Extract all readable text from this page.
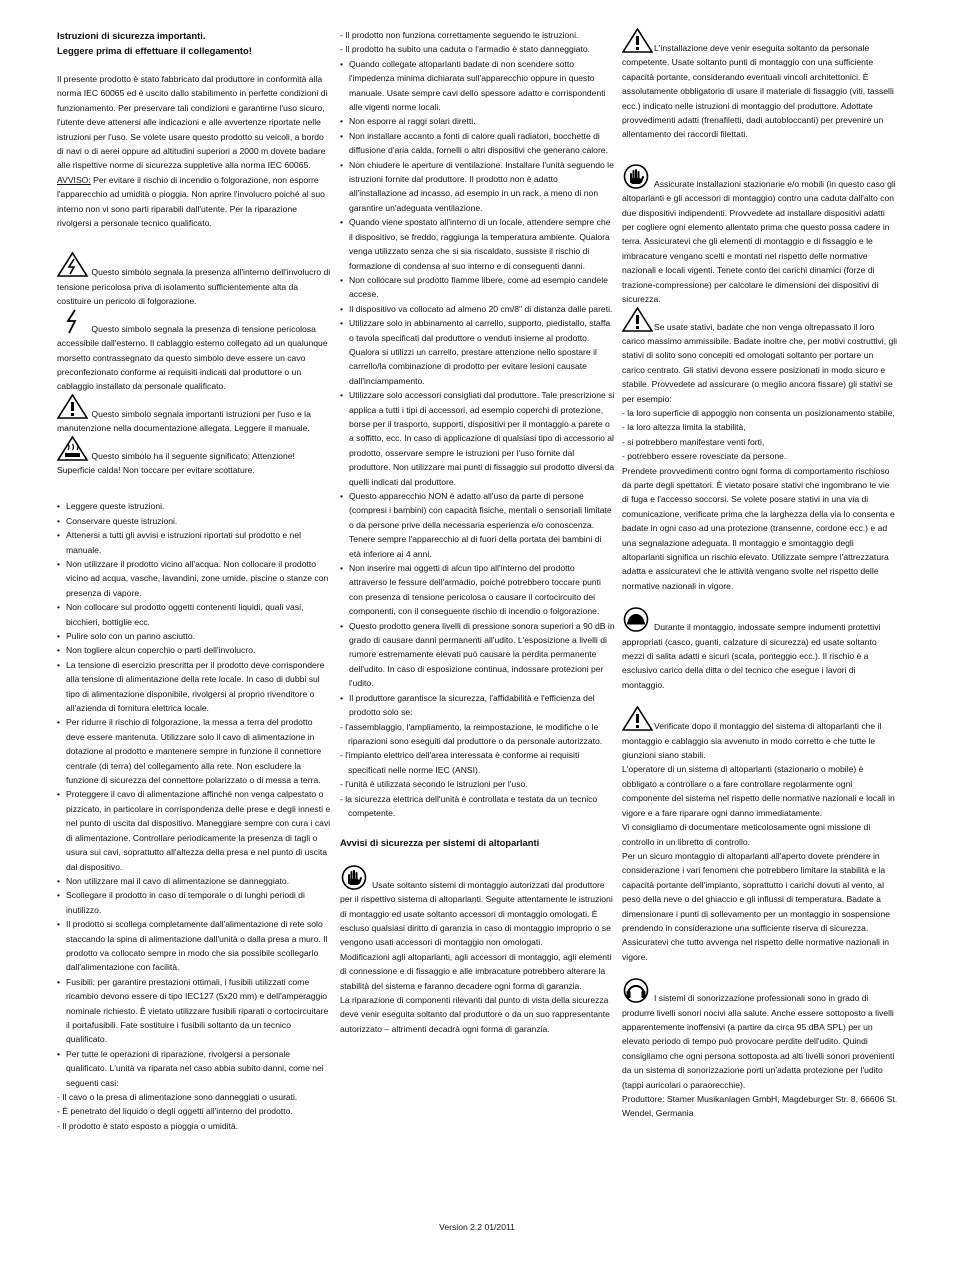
Istruzioni di sicurezza importanti.

Leggere prima di effettuare il collegamento!

Il presente prodotto è stato fabbricato dal produttore in conformità alla norma IEC 60065 ed è uscito dallo stabilimento in perfette condizioni di funzionamento. Per preservare tali condizioni e garantirne l'uso sicuro, l'utente deve attenersi alle indicazioni e alle avvertenze riportate nelle istruzioni per l'uso. Se volete usare questo prodotto su veicoli, a bordo di navi o di aerei oppure ad altitudini superiori a 2000 m dovete badare alle rispettive norme di sicurezza suppletive alla norma IEC 60065.

AVVISO: Per evitare il rischio di incendio o folgorazione, non esporre l'apparecchio ad umidità o pioggia. Non aprire l'involucro poiché al suo interno non vi sono parti riparabili dall'utente. Per la riparazione rivolgersi a personale tecnico qualificato.

Questo simbolo segnala la presenza all'interno dell'involucro di tensione pericolosa priva di isolamento sufficientemente alta da costituire un pericolo di folgorazione.

Questo simbolo segnala la presenza di tensione pericolosa accessibile dall'esterno. Il cablaggio esterno collegato ad un qualunque morsetto contrassegnato da questo simbolo deve essere un cavo preconfezionato conforme ai requisiti indicati dal produttore o un cablaggio installato da personale qualificato.

Questo simbolo segnala importanti istruzioni per l'uso e la manutenzione nella documentazione allegata. Leggere il manuale.

Questo simbolo ha il seguente significato: Attenzione! Superficie calda! Non toccare per evitare scottature.

• Leggere queste istruzioni.
• Conservare queste istruzioni.
• Attenersi a tutti gli avvisi e istruzioni riportati sul prodotto e nel manuale.
• Non utilizzare il prodotto vicino all'acqua. Non collocare il prodotto vicino ad acqua, vasche, lavandini, zone umide, piscine o stanze con presenza di vapore.
• Non collocare sul prodotto oggetti contenenti liquidi, quali vasi, bicchieri, bottiglie ecc.
• Pulire solo con un panno asciutto.
• Non togliere alcun coperchio o parti dell'involucro.
• La tensione di esercizio prescritta per il prodotto deve corrispondere alla tensione di alimentazione della rete locale. In caso di dubbi sul tipo di alimentazione disponibile, rivolgersi al proprio rivenditore o all'azienda di fornitura elettrica locale.
• Per ridurre il rischio di folgorazione, la messa a terra del prodotto deve essere mantenuta. Utilizzare solo il cavo di alimentazione in dotazione al prodotto e mantenere sempre in funzione il connettore centrale (di terra) del collegamento alla rete. Non escludere la funzione di sicurezza del connettore polarizzato o di messa a terra.
• Proteggere il cavo di alimentazione affinché non venga calpestato o pizzicato, in particolare in corrispondenza delle prese e degli innesti e nel punto di uscita dal dispositivo. Maneggiare sempre con cura i cavi di alimentazione. Controllare periodicamente la presenza di tagli o usura sui cavi, soprattutto all'altezza della presa e nel punto di uscita dal dispositivo.
• Non utilizzare mai il cavo di alimentazione se danneggiato.
• Scollegare il prodotto in caso di temporale o di lunghi periodi di inutilizzo.
• Il prodotto si scollega completamente dall'alimentazione di rete solo staccando la spina di alimentazione dall'unità o dalla presa a muro. Il prodotto va collocato sempre in modo che sia possibile scollegarlo dall'alimentazione con facilità.
• Fusibili: per garantire prestazioni ottimali, i fusibili utilizzati come ricambio devono essere di tipo IEC127 (5x20 mm) e dell'amperaggio nominale richiesto. È vietato utilizzare fusibili riparati o cortocircuitare il portafusibili. Fate sostituire i fusibili soltanto da un tecnico qualificato.
• Per tutte le operazioni di riparazione, rivolgersi a personale qualificato. L'unità va riparata nel caso abbia subito danni, come nei seguenti casi:
- Il cavo o la presa di alimentazione sono danneggiati o usurati.
- È penetrato del liquido o degli oggetti all'interno del prodotto.
- Il prodotto è stato esposto a pioggia o umidità.
- Il prodotto non funziona correttamente seguendo le istruzioni.
- Il prodotto ha subito una caduta o l'armadio è stato danneggiato.
• Quando collegate altoparlanti badate di non scendere sotto l'impedenza minima dichiarata sull'apparecchio oppure in questo manuale. Usate sempre cavi dello spessore adatto e corrispondenti alle vigenti norme locali.
• Non esporre ai raggi solari diretti.
• Non installare accanto a fonti di calore quali radiatori, bocchette di diffusione d'aria calda, fornelli o altri dispositivi che generano calore.
• Non chiudere le aperture di ventilazione. Installare l'unità seguendo le istruzioni fornite dal produttore. Il prodotto non è adatto all'installazione ad incasso, ad esempio in un rack, a meno di non garantire un'adeguata ventilazione.
• Quando viene spostato all'interno di un locale, attendere sempre che il dispositivo, se freddo, raggiunga la temperatura ambiente. Qualora venga utilizzato senza che si sia riscaldato, sussiste il rischio di formazione di condensa al suo interno e di conseguenti danni.
• Non collocare sul prodotto fiamme libere, come ad esempio candele accese.
• Il dispositivo va collocato ad almeno 20 cm/8" di distanza dalle pareti.
• Utilizzare solo in abbinamento al carrello, supporto, piedistallo, staffa o tavola specificati dal produttore o venduti insieme al prodotto. Qualora si utilizzi un carrello, prestare attenzione nello spostare il carrello/la combinazione di prodotto per evitare lesioni causate dall'inciampamento.
• Utilizzare solo accessori consigliati dal produttore. Tale prescrizione si applica a tutti i tipi di accessori, ad esempio coperchi di protezione, borse per il trasporto, supporti, dispositivi per il montaggio a parete o a soffitto, ecc. In caso di applicazione di qualsiasi tipo di accessorio al prodotto, osservare sempre le istruzioni per l'uso fornite dal produttore. Non utilizzare mai punti di fissaggio sul prodotto diversi da quelli indicati dal produttore.
• Questo apparecchio NON è adatto all'uso da parte di persone (compresi i bambini) con capacità fisiche, mentali o sensoriali limitate o da persone prive della necessaria esperienza e/o conoscenza. Tenere sempre l'apparecchio al di fuori della portata dei bambini di età inferiore ai 4 anni.
• Non inserire mai oggetti di alcun tipo all'interno del prodotto attraverso le fessure dell'armadio, poiché potrebbero toccare punti con presenza di tensione pericolosa o causare il cortocircuito dei componenti, con il conseguente rischio di incendio o folgorazione.
• Questo prodotto genera livelli di pressione sonora superiori a 90 dB in grado di causare danni permanenti all'udito. L'esposizione a livelli di rumore estremamente elevati può causare la perdita permanente dell'udito. In caso di esposizione continua, indossare protezioni per l'udito.
• Il produttore garantisce la sicurezza, l'affidabilità e l'efficienza del prodotto solo se:
- l'assemblaggio, l'ampliamento, la reimpostazione, le modifiche o le riparazioni sono eseguiti dal produttore o da personale autorizzato.
- l'impianto elettrico dell'area interessata è conforme ai requisiti specificati nelle norme IEC (ANSI).
- l'unità è utilizzata secondo le istruzioni per l'uso.
- la sicurezza elettrica dell'unità è controllata e testata da un tecnico competente.

Avvisi di sicurezza per sistemi di altoparlanti

Usate soltanto sistemi di montaggio autorizzati dal produttore per il rispettivo sistema di altoparlanti. Seguite attentamente le istruzioni di montaggio ed usate soltanto accessori di montaggio omologati. È escluso qualsiasi diritto di garanzia in caso di montaggio improprio o se vengono usati accessori di montaggio non omologati.

Modificazioni agli altoparlanti, agli accessori di montaggio, agli elementi di connessione e di fissaggio e alle imbracature potrebbero alterare la stabilità del sistema e faranno decadere ogni forma di garanzia.

La riparazione di componenti rilevanti dal punto di vista della sicurezza deve venir eseguita soltanto dal produttore o da un suo rappresentante autorizzato – altrimenti decadrà ogni forma di garanzia.

L'installazione deve venir eseguita soltanto da personale competente. Usate soltanto punti di montaggio con una sufficiente capacità portante, considerando eventuali vincoli architettonici. È assolutamente obbligatorio di usare il materiale di fissaggio (viti, tasselli ecc.) indicato nelle istruzioni di montaggio del produttore. Adottate provvedimenti adatti (frenafiletti, dadi autobloccanti) per prevenire un allentamento dei raccordi filettati.

Assicurate installazioni stazionarie e/o mobili (in questo caso gli altoparlanti e gli accessori di montaggio) contro una caduta dall'alto con due dispositivi indipendenti. Provvedete ad installare dispositivi adatti per cogliere ogni elemento allentato prima che questo possa cadere in terra. Assicuratevi che gli elementi di montaggio e di fissaggio e le imbracature vengano scelti e montati nel rispetto delle normative nazionali e locali vigenti. Tenete conto dei carichi dinamici (forze di trazione-compressione) per calcolare le dimensioni dei dispositivi di sicurezza.

Se usate stativi, badate che non venga oltrepassato il loro carico massimo ammissibile. Badate inoltre che, per motivi costruttivi, gli stativi di solito sono concepiti ed omologati soltanto per portare un carico centrato. Gli stativi devono essere posizionati in modo sicuro e stabile. Provvedete ad assicurare (o meglio ancora fissare) gli stativi se per esempio:

- la loro superficie di appoggio non consenta un posizionamento stabile,
- la loro altezza limita la stabilità,
- si potrebbero manifestare venti forti,
- potrebbero essere rovesciate da persone.

Prendete provvedimenti contro ogni forma di comportamento rischioso da parte degli spettatori. È vietato posare stativi che ingombrano le vie di fuga e l'accesso soccorsi. Se volete posare stativi in una via di comunicazione, verificate prima che la larghezza della via lo consenta e badate in ogni caso ad una protezione (transenne, cordone ecc.) e ad una segnalazione adeguata. Il montaggio e smontaggio degli altoparlanti significa un rischio elevato. Utilizzate sempre l'attrezzatura adatta e assicuratevi che le attività vengano svolte nel rispetto delle normative nazionali in vigore.

Durante il montaggio, indossate sempre indumenti protettivi appropriati (casco, guanti, calzature di sicurezza) ed usate soltanto mezzi di salita adatti e sicuri (scala, ponteggio ecc.). Il rischio è a esclusivo carico della ditta o del tecnico che esegue i lavori di montaggio.

Verificate dopo il montaggio del sistema di altoparlanti che il montaggio e cablaggio sia avvenuto in modo corretto e che tutte le giunzioni siano stabili.

L'operatore di un sistema di altoparlanti (stazionario o mobile) è obbligato a controllare o a fare controllare regolarmente ogni componente del sistema nel rispetto delle normative nazionali e locali in vigore e a fare riparare ogni danno immediatamente.

Vi consigliamo di documentare meticolosamente ogni missione di controllo in un libretto di controllo.

Per un sicuro montaggio di altoparlanti all'aperto dovete prendere in considerazione i vari fenomeni che potrebbero limitare la stabilità e la capacità portante dell'impianto, soprattutto i carichi dovuti al vento, al peso della neve o del ghiaccio e gli influssi di temperatura. Badate a dimensionare i punti di sollevamento per un montaggio in sospensione prendendo in considerazione una sufficiente riserva di sicurezza. Assicuratevi che tutto avvenga nel rispetto delle normative nazionali in vigore.

I sistemi di sonorizzazione professionali sono in grado di produrre livelli sonori nocivi alla salute. Anche essere sottoposto a livelli apparentemente inoffensivi (a partire da circa 95 dBA SPL) per un elevato periodo di tempo può provocare perdite dell'udito. Quindi consigliamo che ogni persona sottoposta ad alti livelli sonori provenienti da un sistema di sonorizzazione porti un'adatta protezione per l'udito (tappi auricolari o paraorecchie).

Produttore: Stamer Musikanlagen GmbH, Magdeburger Str. 8, 66606 St. Wendel, Germania

Version 2.2 01/2011
